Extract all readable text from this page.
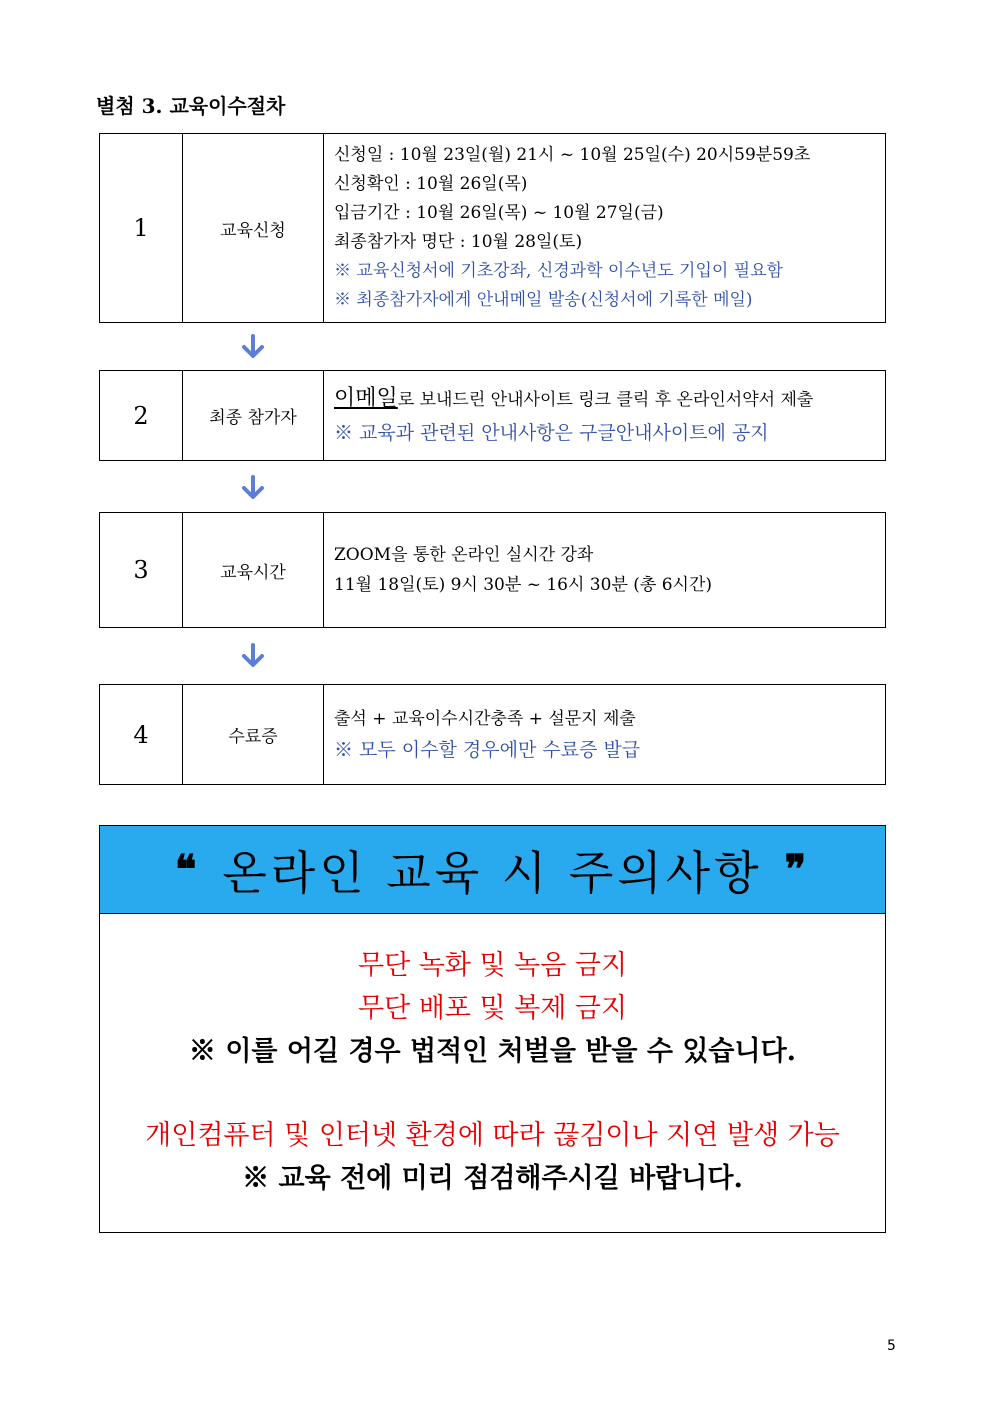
별첨 3. 교육이수절차
1	교육신청
신청일 : 10월 23일(월) 21시 ~ 10월 25일(수) 20시59분59초
신청확인 : 10월 26일(목)
입금기간 : 10월 26일(목) ~ 10월 27일(금)
최종참가자 명단 : 10월 28일(토)
※ 교육신청서에 기초강좌, 신경과학 이수년도 기입이 필요함
※ 최종참가자에게 안내메일 발송(신청서에 기록한 메일)
2	최종 참가자
이메일로 보내드린 안내사이트 링크 클릭 후 온라인서약서 제출
※ 교육과 관련된 안내사항은 구글안내사이트에 공지
3	교육시간
ZOOM을 통한 온라인 실시간 강좌
11월 18일(토) 9시 30분 ~ 16시 30분 (총 6시간)
4	수료증
출석 + 교육이수시간충족 + 설문지 제출
※ 모두 이수할 경우에만 수료증 발급
❝ 온라인 교육 시 주의사항 ❞
무단 녹화 및 녹음 금지
무단 배포 및 복제 금지
※ 이를 어길 경우 법적인 처벌을 받을 수 있습니다.
개인컴퓨터 및 인터넷 환경에 따라 끊김이나 지연 발생 가능
※ 교육 전에 미리 점검해주시길 바랍니다.
5
